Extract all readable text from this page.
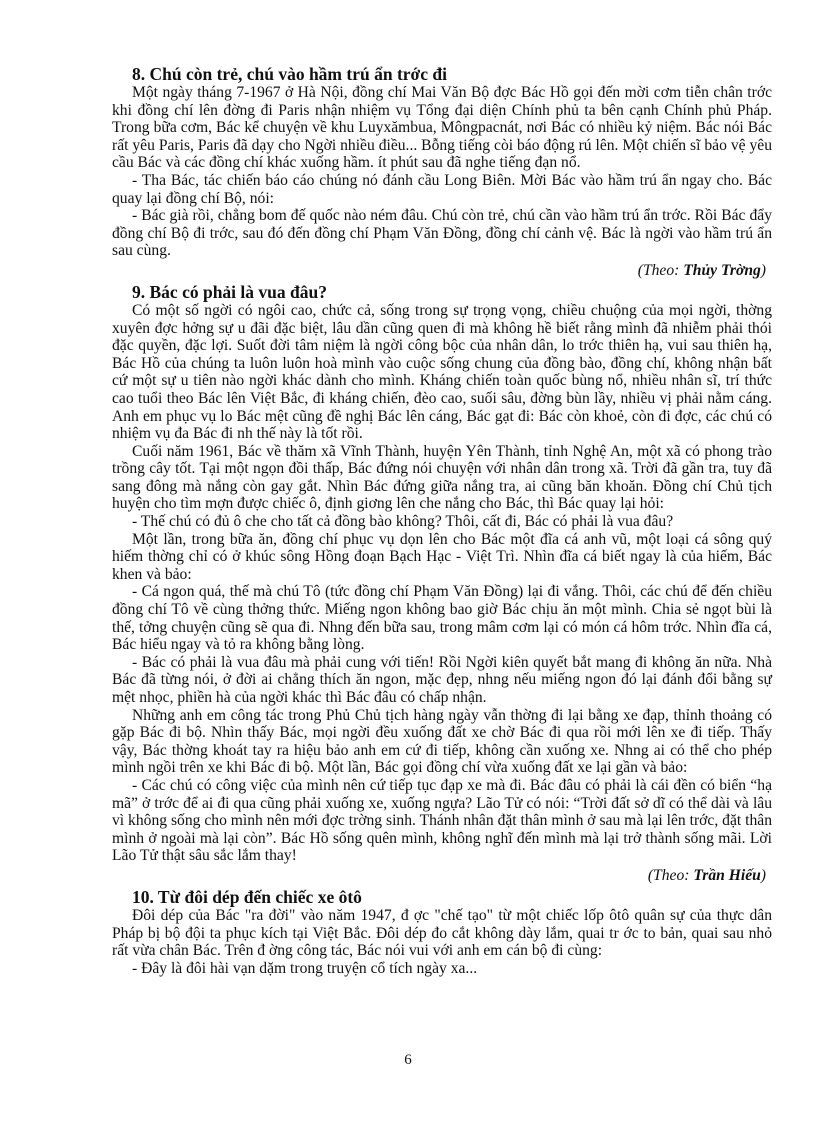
8. Chú còn trẻ, chú vào hầm trú ẩn trớc đi

Một ngày tháng 7-1967 ở Hà Nội, đồng chí Mai Văn Bộ đợc Bác Hồ gọi đến mời cơm tiễn chân trớc khi đồng chí lên đờng đi Paris nhận nhiệm vụ Tổng đại diện Chính phủ ta bên cạnh Chính phủ Pháp. Trong bữa cơm, Bác kể chuyện về khu Luyxămbua, Môngpacnát, nơi Bác có nhiều kỷ niệm. Bác nói Bác rất yêu Paris, Paris đã dạy cho Ngời nhiều điều... Bỗng tiếng còi báo động rú lên. Một chiến sĩ bảo vệ yêu cầu Bác và các đồng chí khác xuống hầm. ít phút sau đã nghe tiếng đạn nổ.

- Tha Bác, tác chiến báo cáo chúng nó đánh cầu Long Biên. Mời Bác vào hầm trú ẩn ngay cho. Bác quay lại đồng chí Bộ, nói:

- Bác già rồi, chẳng bom đế quốc nào ném đâu. Chú còn trẻ, chú cần vào hầm trú ẩn trớc. Rồi Bác đẩy đồng chí Bộ đi trớc, sau đó đến đồng chí Phạm Văn Đồng, đồng chí cảnh vệ. Bác là ngời vào hầm trú ẩn sau cùng.

(Theo: Thủy Trờng)
9. Bác có phải là vua đâu?

Có một số ngời có ngôi cao, chức cả, sống trong sự trọng vọng, chiều chuộng của mọi ngời, thờng xuyên đợc hởng sự u đãi đặc biệt, lâu dần cũng quen đi mà không hề biết rằng mình đã nhiễm phải thói đặc quyền, đặc lợi. Suốt đời tâm niệm là ngời công bộc của nhân dân, lo trớc thiên hạ, vui sau thiên hạ, Bác Hồ của chúng ta luôn luôn hoà mình vào cuộc sống chung của đồng bào, đồng chí, không nhận bất cứ một sự u tiên nào ngời khác dành cho mình. Kháng chiến toàn quốc bùng nổ, nhiều nhân sĩ, trí thức cao tuổi theo Bác lên Việt Bắc, đi kháng chiến, đèo cao, suối sâu, đờng bùn lầy, nhiều vị phải nằm cáng. Anh em phục vụ lo Bác mệt cũng đề nghị Bác lên cáng, Bác gạt đi: Bác còn khoẻ, còn đi đợc, các chú có nhiệm vụ đa Bác đi nh thế này là tốt rồi.

Cuối năm 1961, Bác về thăm xã Vĩnh Thành, huyện Yên Thành, tỉnh Nghệ An, một xã có phong trào trồng cây tốt. Tại một ngọn đồi thấp, Bác đứng nói chuyện với nhân dân trong xã. Trời đã gần tra, tuy đã sang đông mà nắng còn gay gắt. Nhìn Bác đứng giữa nắng tra, ai cũng băn khoăn. Đồng chí Chủ tịch huyện cho tìm mợn được chiếc ô, định giơng lên che nắng cho Bác, thì Bác quay lại hỏi:

- Thế chú có đủ ô che cho tất cả đồng bào không? Thôi, cất đi, Bác có phải là vua đâu?

Một lần, trong bữa ăn, đồng chí phục vụ dọn lên cho Bác một đĩa cá anh vũ, một loại cá sông quý hiếm thờng chỉ có ở khúc sông Hồng đoạn Bạch Hạc - Việt Trì. Nhìn đĩa cá biết ngay là của hiếm, Bác khen và bảo:

- Cá ngon quá, thế mà chú Tô (tức đồng chí Phạm Văn Đồng) lại đi vắng. Thôi, các chú để đến chiều đồng chí Tô về cùng thởng thức. Miếng ngon không bao giờ Bác chịu ăn một mình. Chia sẻ ngọt bùi là thế, tởng chuyện cũng sẽ qua đi. Nhng đến bữa sau, trong mâm cơm lại có món cá hôm trớc. Nhìn đĩa cá, Bác hiểu ngay và tỏ ra không bằng lòng.

- Bác có phải là vua đâu mà phải cung với tiến! Rồi Ngời kiên quyết bắt mang đi không ăn nữa. Nhà Bác đã từng nói, ở đời ai chẳng thích ăn ngon, mặc đẹp, nhng nếu miếng ngon đó lại đánh đổi bằng sự mệt nhọc, phiền hà của ngời khác thì Bác đâu có chấp nhận.

Những anh em công tác trong Phủ Chủ tịch hàng ngày vẫn thờng đi lại bằng xe đạp, thỉnh thoảng có gặp Bác đi bộ. Nhìn thấy Bác, mọi ngời đều xuống đất xe chờ Bác đi qua rồi mới lên xe đi tiếp. Thấy vậy, Bác thờng khoát tay ra hiệu bảo anh em cứ đi tiếp, không cần xuống xe. Nhng ai có thể cho phép mình ngồi trên xe khi Bác đi bộ. Một lần, Bác gọi đồng chí vừa xuống đất xe lại gần và bảo:

- Các chú có công việc của mình nên cứ tiếp tục đạp xe mà đi. Bác đâu có phải là cái đền có biển “hạ mã” ở trớc để ai đi qua cũng phải xuống xe, xuống ngựa? Lão Tử có nói: “Trời đất sở dĩ có thể dài và lâu vì không sống cho mình nên mới đợc trờng sinh. Thánh nhân đặt thân mình ở sau mà lại lên trớc, đặt thân mình ở ngoài mà lại còn”. Bác Hồ sống quên mình, không nghĩ đến mình mà lại trở thành sống mãi. Lời Lão Tử thật sâu sắc lắm thay!

(Theo: Trần Hiếu)
10. Từ đôi dép đến chiếc xe ôtô

Đôi dép của Bác "ra đời" vào năm 1947, đ ợc "chế tạo" từ một chiếc lốp ôtô quân sự của thực dân Pháp bị bộ đội ta phục kích tại Việt Bắc. Đôi dép đo cắt không dày lắm, quai tr ớc to bản, quai sau nhỏ rất vừa chân Bác. Trên đ ờng công tác, Bác nói vui với anh em cán bộ đi cùng:

- Đây là đôi hài vạn dặm trong truyện cổ tích ngày xa...

6
